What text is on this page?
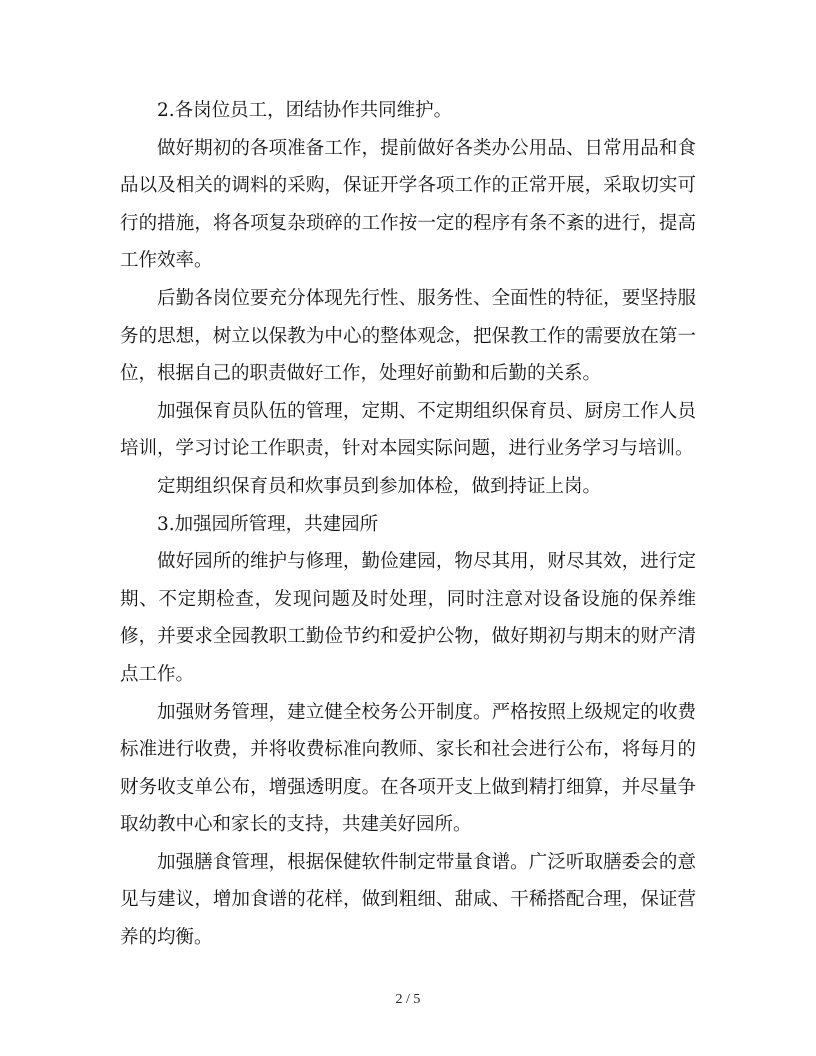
2.各岗位员工，团结协作共同维护。

做好期初的各项准备工作，提前做好各类办公用品、日常用品和食品以及相关的调料的采购，保证开学各项工作的正常开展，采取切实可行的措施，将各项复杂琐碎的工作按一定的程序有条不紊的进行，提高工作效率。

后勤各岗位要充分体现先行性、服务性、全面性的特征，要坚持服务的思想，树立以保教为中心的整体观念，把保教工作的需要放在第一位，根据自己的职责做好工作，处理好前勤和后勤的关系。

加强保育员队伍的管理，定期、不定期组织保育员、厨房工作人员培训，学习讨论工作职责，针对本园实际问题，进行业务学习与培训。

定期组织保育员和炊事员到参加体检，做到持证上岗。

3.加强园所管理，共建园所

做好园所的维护与修理，勤俭建园，物尽其用，财尽其效，进行定期、不定期检查，发现问题及时处理，同时注意对设备设施的保养维修，并要求全园教职工勤俭节约和爱护公物，做好期初与期末的财产清点工作。

加强财务管理，建立健全校务公开制度。严格按照上级规定的收费标准进行收费，并将收费标准向教师、家长和社会进行公布，将每月的财务收支单公布，增强透明度。在各项开支上做到精打细算，并尽量争取幼教中心和家长的支持，共建美好园所。

加强膳食管理，根据保健软件制定带量食谱。广泛听取膳委会的意见与建议，增加食谱的花样，做到粗细、甜咸、干稀搭配合理，保证营养的均衡。

2 / 5
